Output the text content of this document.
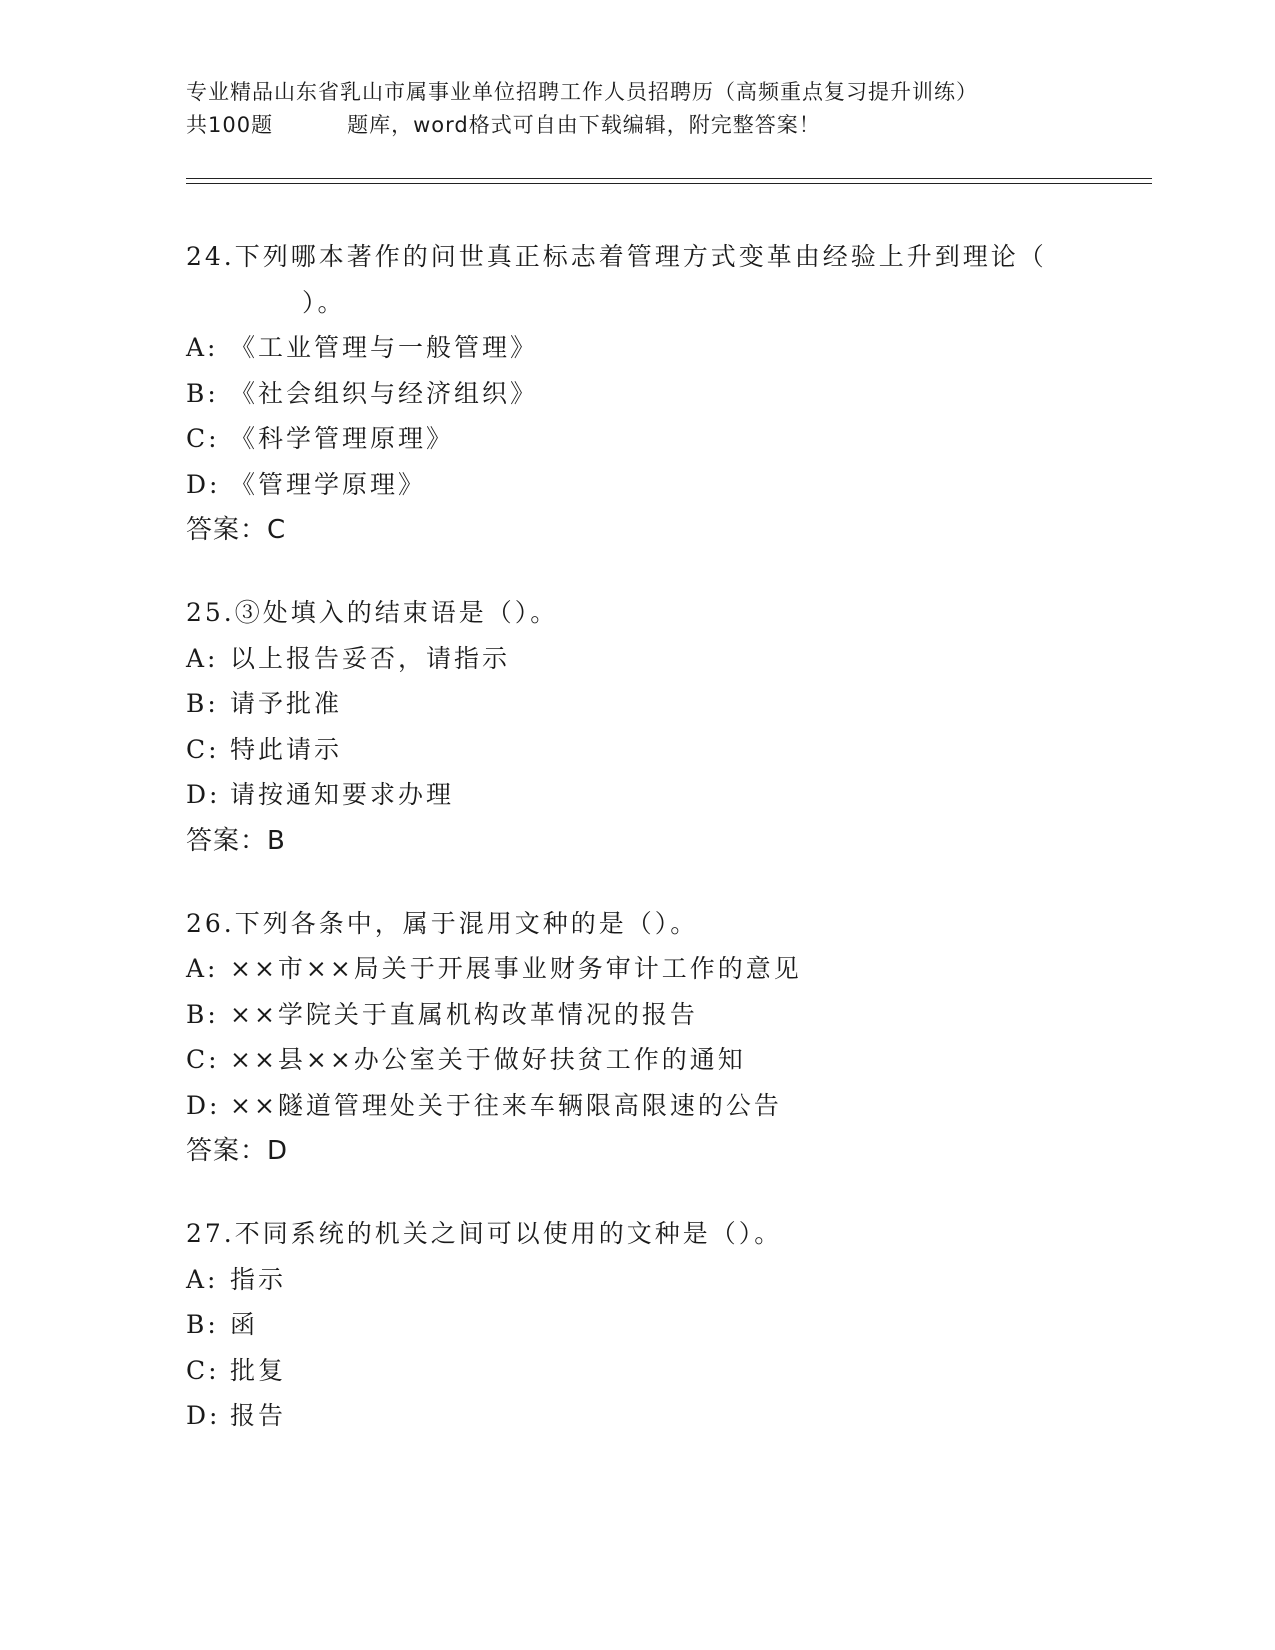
专业精品山东省乳山市属事业单位招聘工作人员招聘历（高频重点复习提升训练）
共100题	题库，word格式可自由下载编辑，附完整答案！
24.下列哪本著作的问世真正标志着管理方式变革由经验上升到理论（
）。
A: 《工业管理与一般管理》
B: 《社会组织与经济组织》
C: 《科学管理原理》
D: 《管理学原理》
答案：C
25.③处填入的结束语是（）。
A: 以上报告妥否，请指示
B: 请予批准
C: 特此请示
D: 请按通知要求办理
答案：B
26.下列各条中，属于混用文种的是（）。
A: ××市××局关于开展事业财务审计工作的意见
B: ××学院关于直属机构改革情况的报告
C: ××县××办公室关于做好扶贫工作的通知
D: ××隧道管理处关于往来车辆限高限速的公告
答案：D
27.不同系统的机关之间可以使用的文种是（）。
A: 指示
B: 函
C: 批复
D: 报告
